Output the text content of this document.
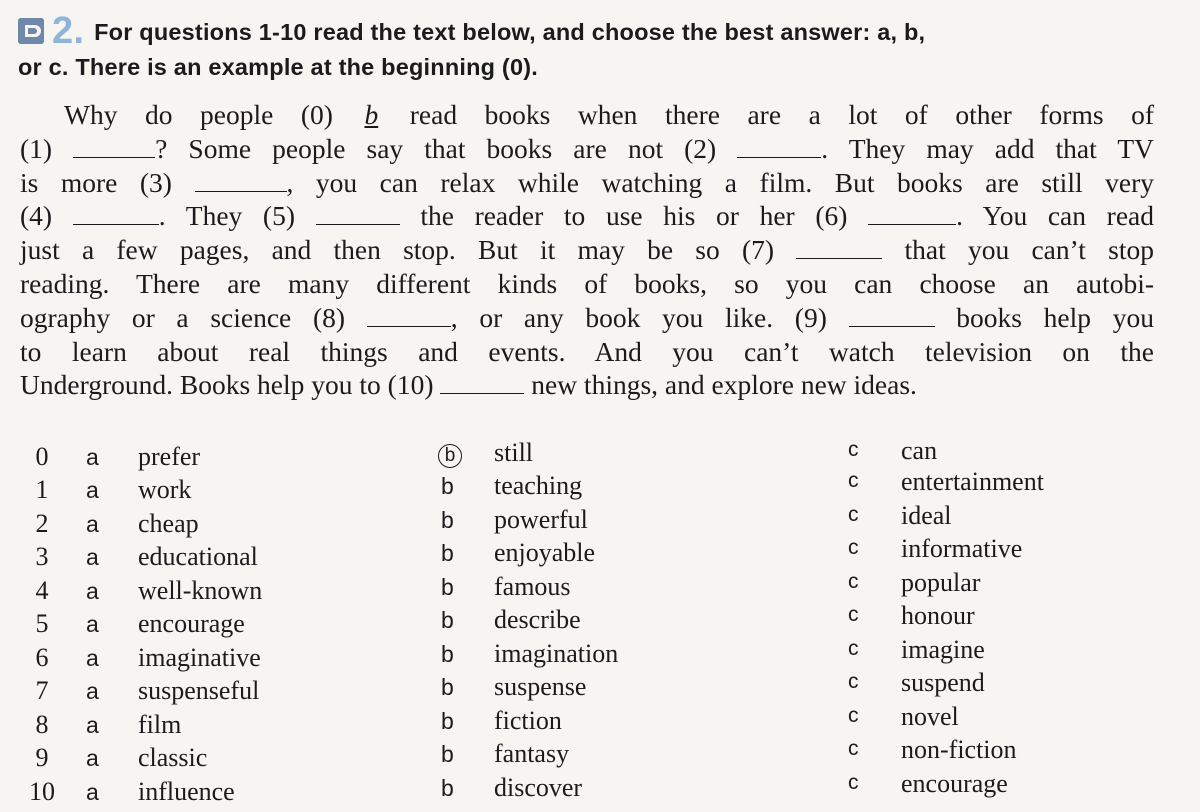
2. For questions 1-10 read the text below, and choose the best answer: a, b,
or c. There is an example at the beginning (0).
Why do people (0) b read books when there are a lot of other forms of
(1)	? Some people say that books are not (2)	. They may add that TV
is more (3)	, you can relax while watching a film. But books are still very
(4)	. They (5)	the reader to use his or her (6)	. You can read
just a few pages, and then stop. But it may be so (7)	that you can’t stop
reading. There are many different kinds of books, so you can choose an autobi-
ography or a science (8)	, or any book you like. (9)	books help you
to learn about real things and events. And you can’t watch television on the
Underground. Books help you to (10)	new things, and explore new ideas.
0	a prefer	b still	c can
1	a work	b teaching	c entertainment
2	a cheap	b powerful	c ideal
3	a educational	b enjoyable	c informative
4	a well-known	b famous	c popular
5	a encourage	b describe	c honour
6	a imaginative	b imagination	c imagine
7	a suspenseful	b suspense	c suspend
8	a film	b fiction	c novel
9	a classic	b fantasy	c non-fiction
10 a influence	b discover	c encourage
